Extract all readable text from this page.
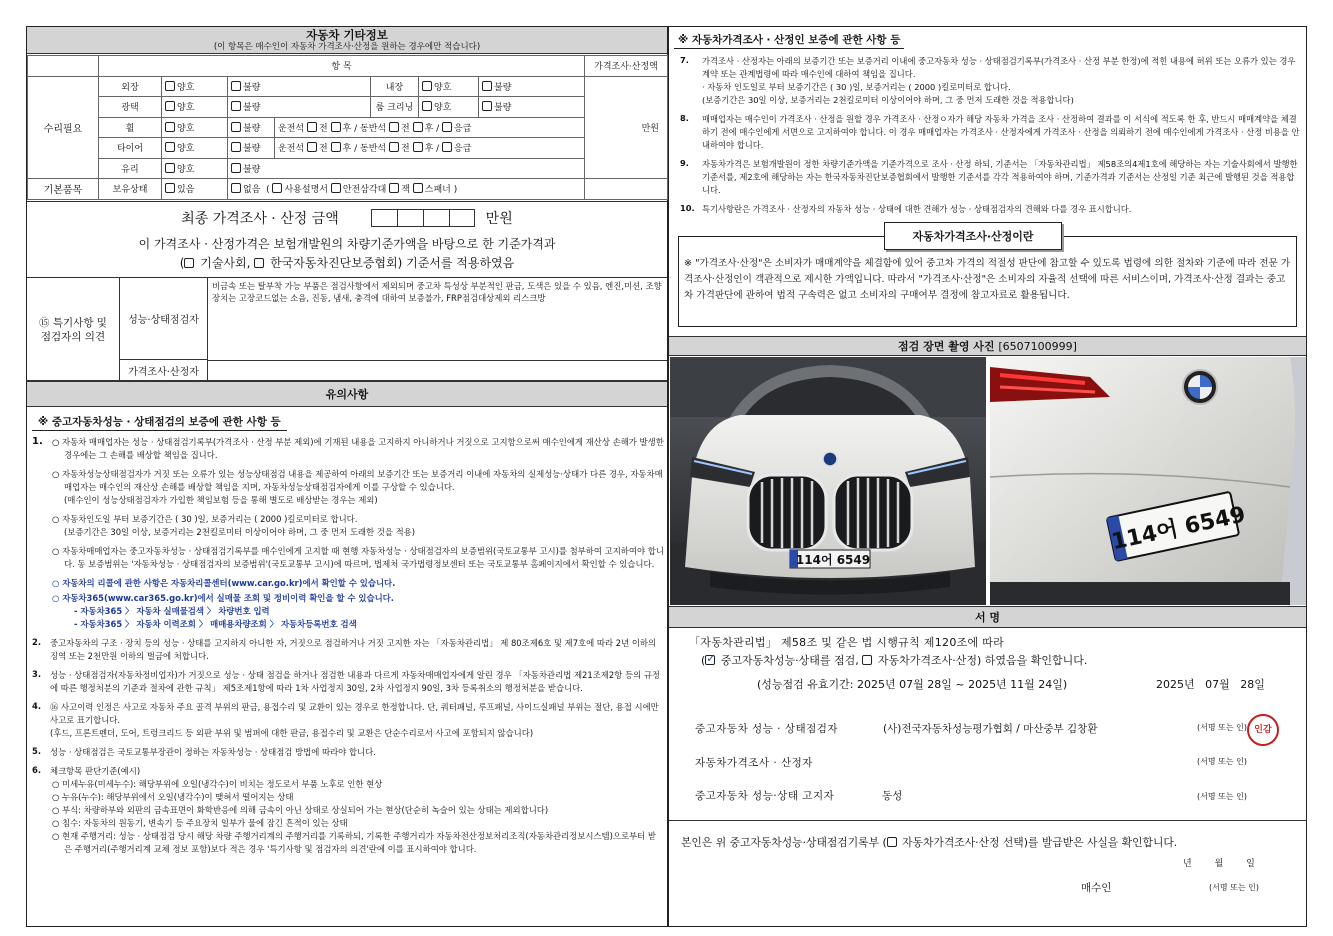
자동차 기타정보
(이 항목은 매수인이 자동차 가격조사·산정을 원하는 경우에만 적습니다)
	항 목							가격조사·산정액
수리필요	외장	양호	불량		내장	양호	불량	만원
	광택	양호	불량		룸 크리닝	양호	불량	
	휠	양호	불량	운전석 전 후 / 동반석 전 후 / 응급				
	타이어	양호	불량	운전석 전 후 / 동반석 전 후 / 응급				
	유리	양호	불량					
기본품목	보유상태	있음	없음  ( 사용설명서 안전삼각대 잭 스패너 )					
최종 가격조사 · 산정 금액	만원
이 가격조사 · 산정가격은 보험개발원의 차량기준가액을 바탕으로 한 기준가격과
( 기술사회, 한국자동차진단보증협회) 기준서를 적용하였음
⑮ 특기사항 및 점검자의 의견
성능·상태점검자
비금속 또는 탈부착 가능 부품은 점검사항에서 제외되며 중고차 특성상 부분적인 판금, 도색은 있을 수 있음, 엔진,미션, 조향장치는 고장코드없는 소음, 진동, 냄새, 충격에 대하여 보증불가, FRP점검대상제외 리스크방
가격조사·산정자
유의사항
※ 중고자동차성능 · 상태점검의 보증에 관한 사항 등
1.	○ 자동차 매매업자는 성능 · 상태점검기록부(가격조사 · 산정 부분 제외)에 기재된 내용을 고지하지 아니하거나 거짓으로 고지함으로써 매수인에게 재산상 손해가 발생한 경우에는 그 손해를 배상할 책임을 집니다.
○ 자동차성능상태점검자가 거짓 또는 오류가 있는 성능상태점검 내용을 제공하여 아래의 보증기간 또는 보증거리 이내에 자동차의 실제성능·상태가 다른 경우, 자동차매매업자는 매수인의 재산상 손해를 배상할 책임을 지며, 자동차성능상태점검자에게 이를 구상할 수 있습니다.
(매수인이 성능상태점검자가 가입한 책임보험 등을 통해 별도로 배상받는 경우는 제외)
○ 자동차인도일 부터 보증기간은 ( 30 )일, 보증거리는 ( 2000 )킬로미터로 합니다.
(보증기간은 30일 이상, 보증거리는 2천킬로미터 이상이어야 하며, 그 중 먼저 도래한 것을 적용)
○ 자동차매매업자는 중고자동차성능 · 상태점검기록부를 매수인에게 고지할 때 현행 자동차성능 · 상태점검자의 보증범위(국토교통부 고시)를 첨부하여 고지하여야 합니다. 동 보증범위는 '자동차성능 · 상태점검자의 보증범위'(국토교통부 고시)에 따르며, 법제처 국가법령정보센터 또는 국토교통부 홈페이지에서 확인할 수 있습니다.
○ 자동차의 리콜에 관한 사항은 자동차리콜센터(www.car.go.kr)에서 확인할 수 있습니다.
○ 자동차365(www.car365.go.kr)에서 실매물 조회 및 정비이력 확인을 할 수 있습니다.
- 자동차365 〉 자동차 실매물검색 〉 차량번호 입력
- 자동차365 〉 자동차 이력조회 〉 매매용차량조회 〉 자동차등록번호 검색
2.	중고자동차의 구조 · 장치 등의 성능 · 상태를 고지하지 아니한 자, 거짓으로 점검하거나 거짓 고지한 자는 「자동차관리법」 제 80조제6호 및 제7호에 따라 2년 이하의 징역 또는 2천만원 이하의 벌금에 처합니다.
3.	성능 · 상태점검자(자동차정비업자)가 거짓으로 성능 · 상태 점검을 하거나 점검한 내용과 다르게 자동차매매업자에게 알린 경우 「자동차관리법 제21조제2항 등의 규정에 따른 행정처분의 기준과 절차에 관한 규칙」 제5조제1항에 따라 1차 사업정지 30일, 2차 사업정지 90일, 3차 등록취소의 행정처분을 받습니다.
4.	⑯ 사고이력 인정은 사고로 자동차 주요 골격 부위의 판금, 용접수리 및 교환이 있는 경우로 한정합니다. 단, 쿼터패널, 루프패널, 사이드실패널 부위는 절단, 용접 시에만 사고로 표기합니다.
(후드, 프론트펜더, 도어, 트렁크리드 등 외판 부위 및 범퍼에 대한 판금, 용접수리 및 교환은 단순수리로서 사고에 포함되지 않습니다)
5.	성능 · 상태점검은 국토교통부장관이 정하는 자동차성능 · 상태점검 방법에 따라야 합니다.
6.	체크항목 판단기준(예시)
○ 미세누유(미세누수): 해당부위에 오일(냉각수)이 비치는 정도로서 부품 노후로 인한 현상
○ 누유(누수): 해당부위에서 오일(냉각수)이 맺혀서 떨어지는 상태
○ 부식: 차량하부와 외판의 금속표면이 화학반응에 의해 금속이 아닌 상태로 상실되어 가는 현상(단순히 녹슬어 있는 상태는 제외합니다)
○ 침수: 자동차의 원동기, 변속기 등 주요장치 일부가 물에 잠긴 흔적이 있는 상태
○ 현재 주행거리: 성능 · 상태점검 당시 해당 차량 주행거리계의 주행거리를 기록하되, 기록한 주행거리가 자동차전산정보처리조직(자동차관리정보시스템)으로부터 받은 주행거리(주행거리계 교체 정보 포함)보다 적은 경우 '특기사항 및 점검자의 의견'란에 이를 표시하여야 합니다.
※ 자동차가격조사 · 산정인 보증에 관한 사항 등
7.	가격조사 · 산정자는 아래의 보증기간 또는 보증거리 이내에 중고자동차 성능 · 상태점검기록부(가격조사 · 산정 부분 한정)에 적힌 내용에 허위 또는 오류가 있는 경우 계약 또는 관계법령에 따라 매수인에 대하여 책임을 집니다.
· 자동차 인도일로 부터 보증기간은 ( 30 )일, 보증거리는 ( 2000 )킬로미터로 합니다.
(보증기간은 30일 이상, 보증거리는 2천킬로미터 이상이어야 하며, 그 중 먼저 도래한 것을 적용합니다)
8.	매매업자는 매수인이 가격조사 · 산정을 원할 경우 가격조사 · 산정ㅇ자가 해당 자동차 가격을 조사 · 산정하여 결과를 이 서식에 적도록 한 후, 반드시 매매계약을 체결하기 전에 매수인에게 서면으로 고지하여야 합니다. 이 경우 매매업자는 가격조사 · 산정자에게 가격조사 · 산정을 의뢰하기 전에 매수인에게 가격조사 · 산정 비용을 안내하여야 합니다.
9.	자동차가격은 보험개발원이 정한 차량기준가액을 기준가격으로 조사 · 산정 하되, 기준서는 「자동차관리법」 제58조의4제1호에 해당하는 자는 기술사회에서 발행한 기준서를, 제2호에 해당하는 자는 한국자동차진단보증협회에서 발행한 기준서를 각각 적용하여야 하며, 기준가격과 기준서는 산정일 기준 최근에 발행된 것을 적용합니다.
10. 특기사항란은 가격조사 · 산정자의 자동차 성능 · 상태에 대한 견해가 성능 · 상태점검자의 견해와 다를 경우 표시합니다.
자동차가격조사·산정이란
※ "가격조사·산정"은 소비자가 매매계약을 체결함에 있어 중고차 가격의 적절성 판단에 참고할 수 있도록 법령에 의한 절차와 기준에 따라 전문 가격조사·산정인이 객관적으로 제시한 가액입니다. 따라서 "가격조사·산정"은 소비자의 자율적 선택에 따른 서비스이며, 가격조사·산정 결과는 중고차 가격판단에 관하여 법적 구속력은 없고 소비자의 구매여부 결정에 참고자료로 활용됩니다.
점검 장면 촬영 사진 [6507100999]
114어 6549
114어 6549
서 명
「자동차관리법」 제58조 및 같은 법 시행규칙 제120조에 따라
( ✓ 중고자동차성능·상태를 점검, 자동차가격조사·산정) 하였음을 확인합니다.
(성능점검 유효기간: 2025년 07월 28일 ~ 2025년 11월 24일)	2025년   07월   28일
중고자동차 성능 · 상태점검자	(사)전국자동차성능평가협회 / 마산중부 김창환	(서명 또는 인) 인감
자동차가격조사 · 산정자	(서명 또는 인)
중고자동차 성능·상태 고지자	동성	(서명 또는 인)
본인은 위 중고자동차성능·상태점검기록부 ( 자동차가격조사·산정 선택)를 발급받은 사실을 확인합니다.
년        월        일
매수인	(서명 또는 인)
